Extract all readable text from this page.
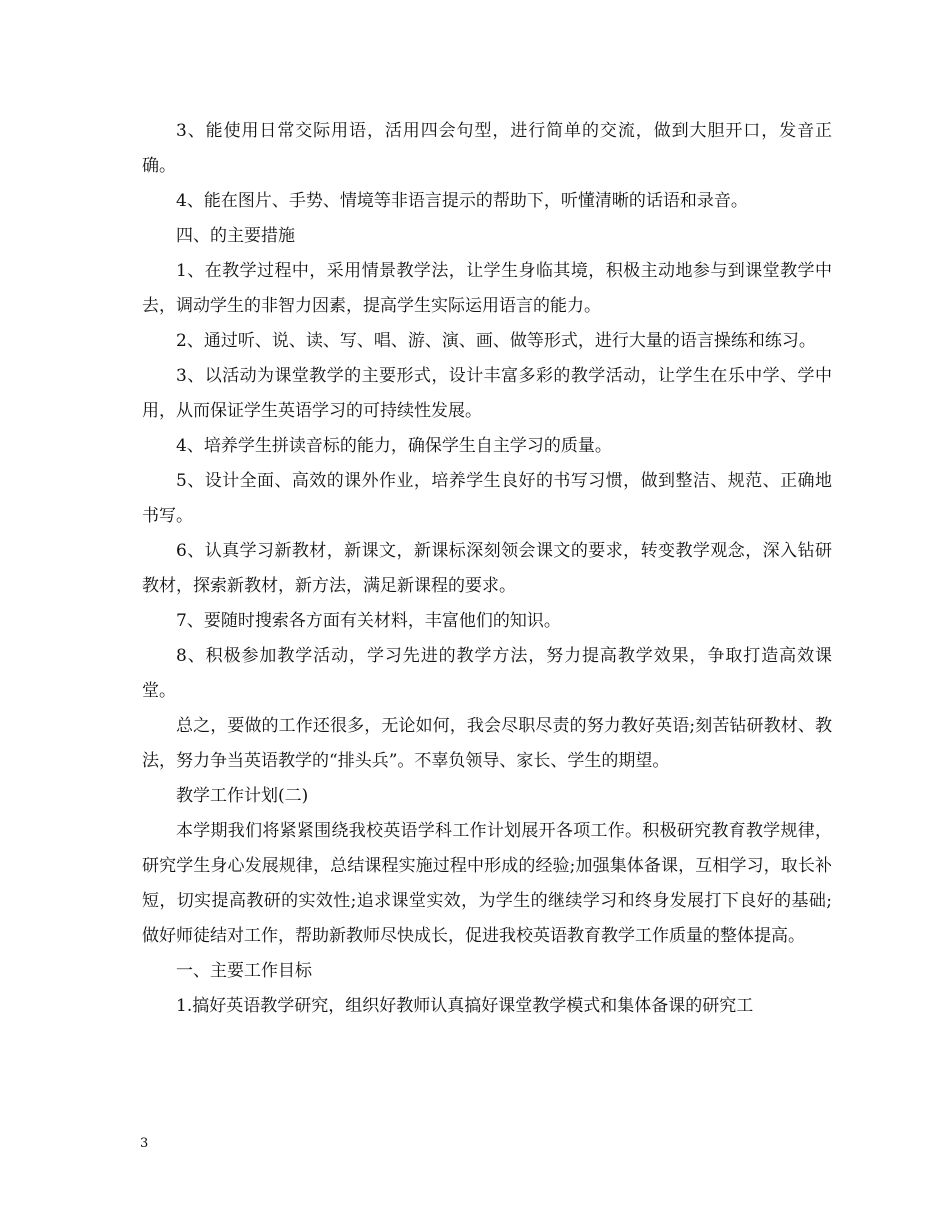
3、能使用日常交际用语，活用四会句型，进行简单的交流，做到大胆开口，发音正确。

4、能在图片、手势、情境等非语言提示的帮助下，听懂清晰的话语和录音。

四、的主要措施

1、在教学过程中，采用情景教学法，让学生身临其境，积极主动地参与到课堂教学中去，调动学生的非智力因素，提高学生实际运用语言的能力。

2、通过听、说、读、写、唱、游、演、画、做等形式，进行大量的语言操练和练习。

3、以活动为课堂教学的主要形式，设计丰富多彩的教学活动，让学生在乐中学、学中用，从而保证学生英语学习的可持续性发展。

4、培养学生拼读音标的能力，确保学生自主学习的质量。

5、设计全面、高效的课外作业，培养学生良好的书写习惯，做到整洁、规范、正确地书写。

6、认真学习新教材，新课文，新课标深刻领会课文的要求，转变教学观念，深入钻研教材，探索新教材，新方法，满足新课程的要求。

7、要随时搜索各方面有关材料，丰富他们的知识。

8、积极参加教学活动，学习先进的教学方法，努力提高教学效果，争取打造高效课堂。

总之，要做的工作还很多，无论如何，我会尽职尽责的努力教好英语;刻苦钻研教材、教法，努力争当英语教学的“排头兵”。不辜负领导、家长、学生的期望。

教学工作计划(二)

本学期我们将紧紧围绕我校英语学科工作计划展开各项工作。积极研究教育教学规律，研究学生身心发展规律，总结课程实施过程中形成的经验;加强集体备课，互相学习，取长补短，切实提高教研的实效性;追求课堂实效，为学生的继续学习和终身发展打下良好的基础;做好师徒结对工作，帮助新教师尽快成长，促进我校英语教育教学工作质量的整体提高。

一、主要工作目标

1.搞好英语教学研究，组织好教师认真搞好课堂教学模式和集体备课的研究工

3
